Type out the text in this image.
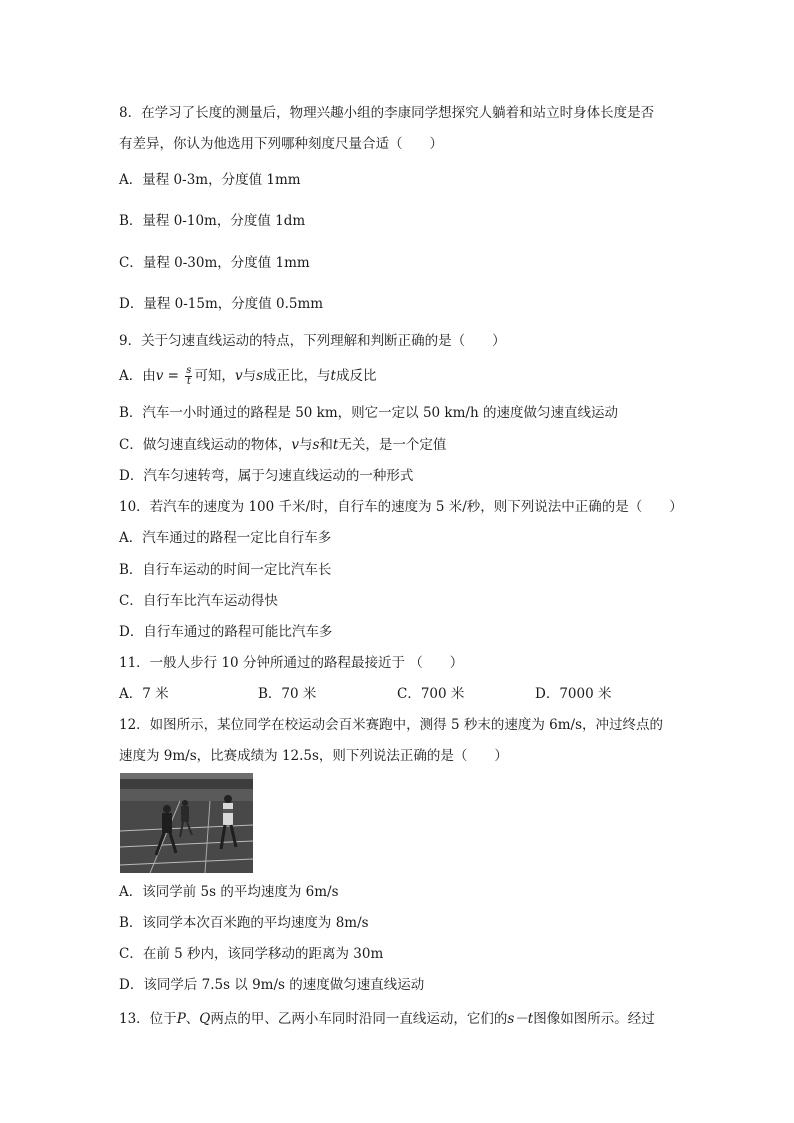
8．在学习了长度的测量后，物理兴趣小组的李康同学想探究人躺着和站立时身体长度是否
有差异，你认为他选用下列哪种刻度尺量合适（　　）
A．量程 0-3m，分度值 1mm
B．量程 0-10m，分度值 1dm
C．量程 0-30m，分度值 1mm
D．量程 0-15m，分度值 0.5mm
9．关于匀速直线运动的特点，下列理解和判断正确的是（　　）
A．由$v = \frac{s}{t}$ 可知，v与s成正比，与t成反比
B．汽车一小时通过的路程是 50 km，则它一定以 50 km/h 的速度做匀速直线运动
C．做匀速直线运动的物体，v与s和t无关，是一个定值
D．汽车匀速转弯，属于匀速直线运动的一种形式
10．若汽车的速度为 100 千米/时，自行车的速度为 5 米/秒，则下列说法中正确的是（　　）
A．汽车通过的路程一定比自行车多
B．自行车运动的时间一定比汽车长
C．自行车比汽车运动得快
D．自行车通过的路程可能比汽车多
11．一般人步行 10 分钟所通过的路程最接近于 （　　）
A．7 米	B．70 米	C．700 米	D．7000 米
12．如图所示，某位同学在校运动会百米赛跑中，测得 5 秒末的速度为 6m/s，冲过终点的
速度为 9m/s，比赛成绩为 12.5s，则下列说法正确的是（　　）
A．该同学前 5s 的平均速度为 6m/s
B．该同学本次百米跑的平均速度为 8m/s
C．在前 5 秒内，该同学移动的距离为 30m
D．该同学后 7.5s 以 9m/s 的速度做匀速直线运动
13．位于P、Q两点的甲、乙两小车同时沿同一直线运动，它们的s－t图像如图所示。经过
